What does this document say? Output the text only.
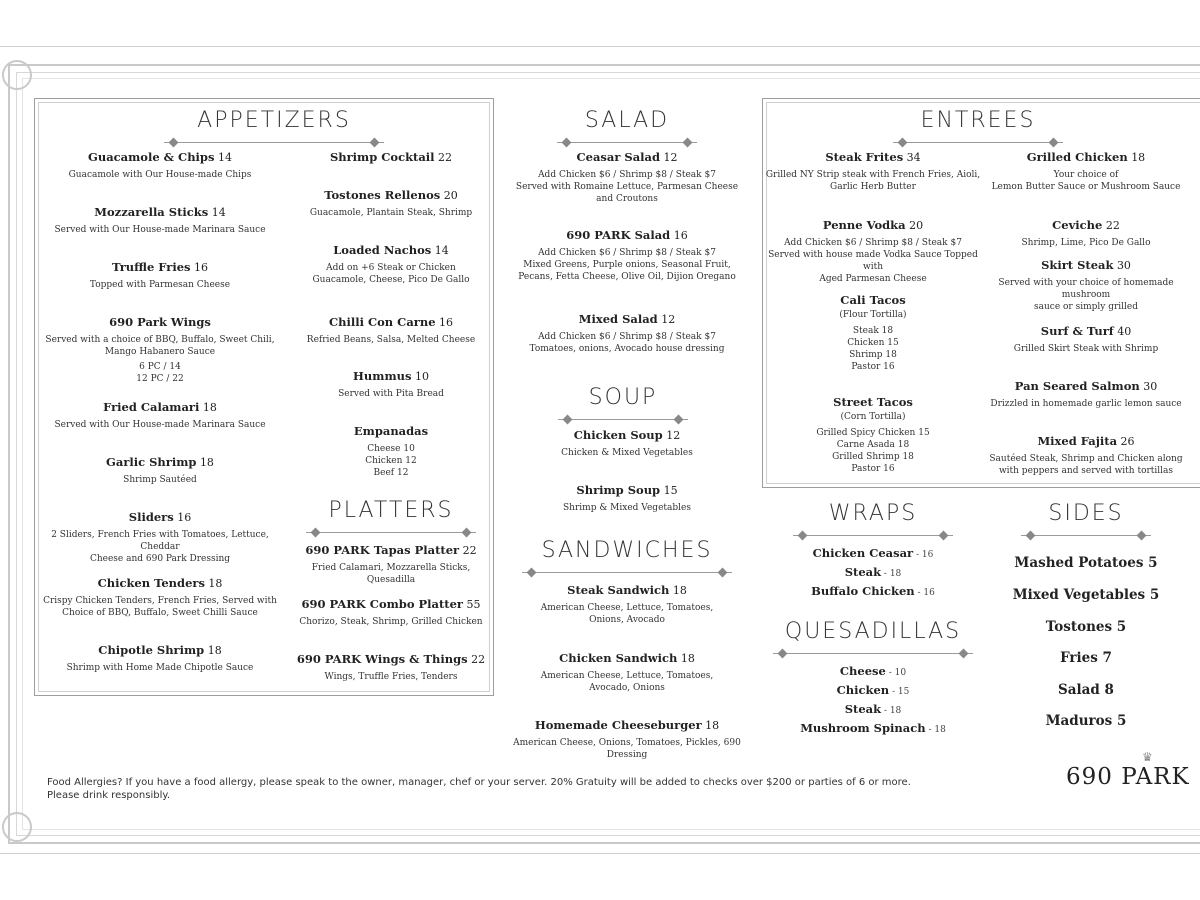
APPETIZERS
Guacamole & Chips 14
Guacamole with Our House-made Chips
Mozzarella Sticks 14
Served with Our House-made Marinara Sauce
Truffle Fries 16
Topped with Parmesan Cheese
690 Park Wings
Served with a choice of BBQ, Buffalo, Sweet Chili,
Mango Habanero Sauce
6 PC / 14
12 PC / 22
Fried Calamari 18
Served with Our House-made Marinara Sauce
Garlic Shrimp 18
Shrimp Sautéed
Sliders 16
2 Sliders, French Fries with Tomatoes, Lettuce, Cheddar
Cheese and 690 Park Dressing
Chicken Tenders 18
Crispy Chicken Tenders, French Fries, Served with
Choice of BBQ, Buffalo, Sweet Chilli Sauce
Chipotle Shrimp 18
Shrimp with Home Made Chipotle Sauce
Shrimp Cocktail 22
Tostones Rellenos 20
Guacamole, Plantain Steak, Shrimp
Loaded Nachos 14
Add on +6 Steak or Chicken
Guacamole, Cheese, Pico De Gallo
Chilli Con Carne 16
Refried Beans, Salsa, Melted Cheese
Hummus 10
Served with Pita Bread
Empanadas
Cheese 10
Chicken 12
Beef 12
PLATTERS
690 PARK Tapas Platter 22
Fried Calamari, Mozzarella Sticks, Quesadilla
690 PARK Combo Platter 55
Chorizo, Steak, Shrimp, Grilled Chicken
690 PARK Wings & Things 22
Wings, Truffle Fries, Tenders
SALAD
Ceasar Salad 12
Add Chicken $6 / Shrimp $8 / Steak $7
Served with Romaine Lettuce, Parmesan Cheese
and Croutons
690 PARK Salad 16
Add Chicken $6 / Shrimp $8 / Steak $7
Mixed Greens, Purple onions, Seasonal Fruit,
Pecans, Fetta Cheese, Olive Oil, Dijion Oregano
Mixed Salad 12
Add Chicken $6 / Shrimp $8 / Steak $7
Tomatoes, onions, Avocado house dressing
SOUP
Chicken Soup 12
Chicken & Mixed Vegetables
Shrimp Soup 15
Shrimp & Mixed Vegetables
SANDWICHES
Steak Sandwich 18
American Cheese, Lettuce, Tomatoes,
Onions, Avocado
Chicken Sandwich 18
American Cheese, Lettuce, Tomatoes,
Avocado, Onions
Homemade Cheeseburger 18
American Cheese, Onions, Tomatoes, Pickles, 690 Dressing
ENTREES
Steak Frites 34
Grilled NY Strip steak with French Fries, Aioli,
Garlic Herb Butter
Penne Vodka 20
Add Chicken $6 / Shrimp $8 / Steak $7
Served with house made Vodka Sauce Topped with
Aged Parmesan Cheese
Cali Tacos
(Flour Tortilla)
Steak 18
Chicken 15
Shrimp 18
Pastor 16
Street Tacos
(Corn Tortilla)
Grilled Spicy Chicken 15
Carne Asada 18
Grilled Shrimp 18
Pastor 16
Grilled Chicken 18
Your choice of
Lemon Butter Sauce or Mushroom Sauce
Ceviche 22
Shrimp, Lime, Pico De Gallo
Skirt Steak 30
Served with your choice of homemade mushroom
sauce or simply grilled
Surf & Turf 40
Grilled Skirt Steak with Shrimp
Pan Seared Salmon 30
Drizzled in homemade garlic lemon sauce
Mixed Fajita 26
Sautéed Steak, Shrimp and Chicken along
with peppers and served with tortillas
WRAPS
Chicken Ceasar - 16
Steak - 18
Buffalo Chicken - 16
QUESADILLAS
Cheese - 10
Chicken - 15
Steak - 18
Mushroom Spinach - 18
SIDES
Mashed Potatoes 5
Mixed Vegetables 5
Tostones 5
Fries 7
Salad 8
Maduros 5
Food Allergies? If you have a food allergy, please speak to the owner, manager, chef or your server. 20% Gratuity will be added to checks over $200 or parties of 6 or more.
Please drink responsibly.
♛
690 PARK
